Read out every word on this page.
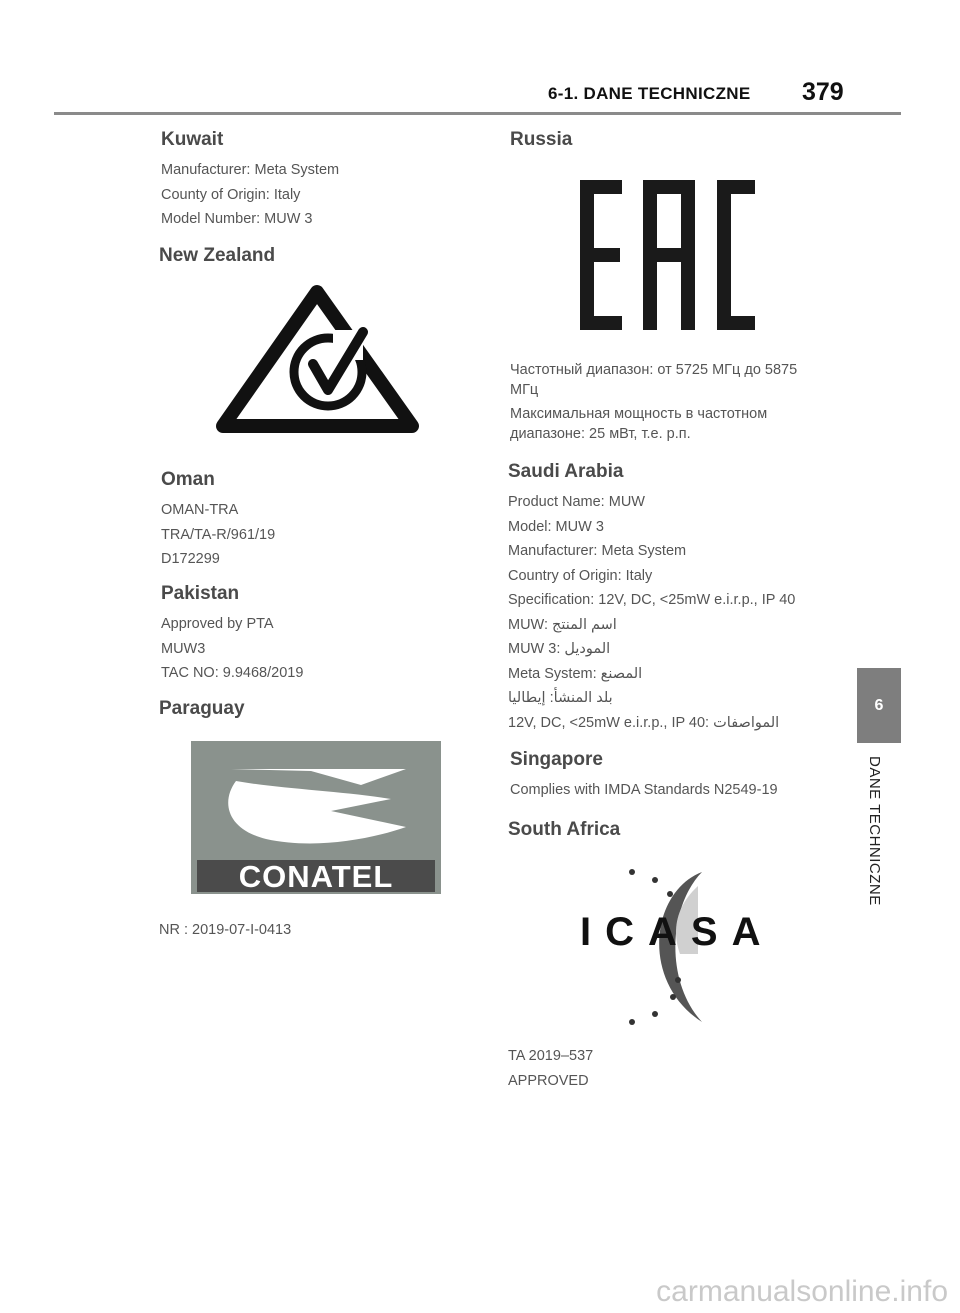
6-1. DANE TECHNICZNE 379
Kuwait
Manufacturer: Meta System
County of Origin: Italy
Model Number: MUW 3
New Zealand
Oman
OMAN-TRA
TRA/TA-R/961/19
D172299
Pakistan
Approved by PTA
MUW3
TAC NO: 9.9468/2019
Paraguay
CONATEL
NR : 2019-07-I-0413
Russia
Частотный диапазон: от 5725 МГц до 5875 МГц
Максимальная мощность в частотном диапазоне: 25 мВт, т.е. р.п.
Saudi Arabia
Product Name: MUW
Model: MUW 3
Manufacturer: Meta System
Country of Origin: Italy
Specification: 12V, DC, <25mW e.i.r.p., IP 40
MUW: اسم المنتج
MUW 3: الموديل
Meta System: المصنع
بلد المنشأ: إيطاليا
12V, DC, <25mW e.i.r.p., IP 40: المواصفات
Singapore
Complies with IMDA Standards N2549-19
South Africa
ICASA
TA 2019–537
APPROVED
6
DANE TECHNICZNE
carmanualsonline.info
